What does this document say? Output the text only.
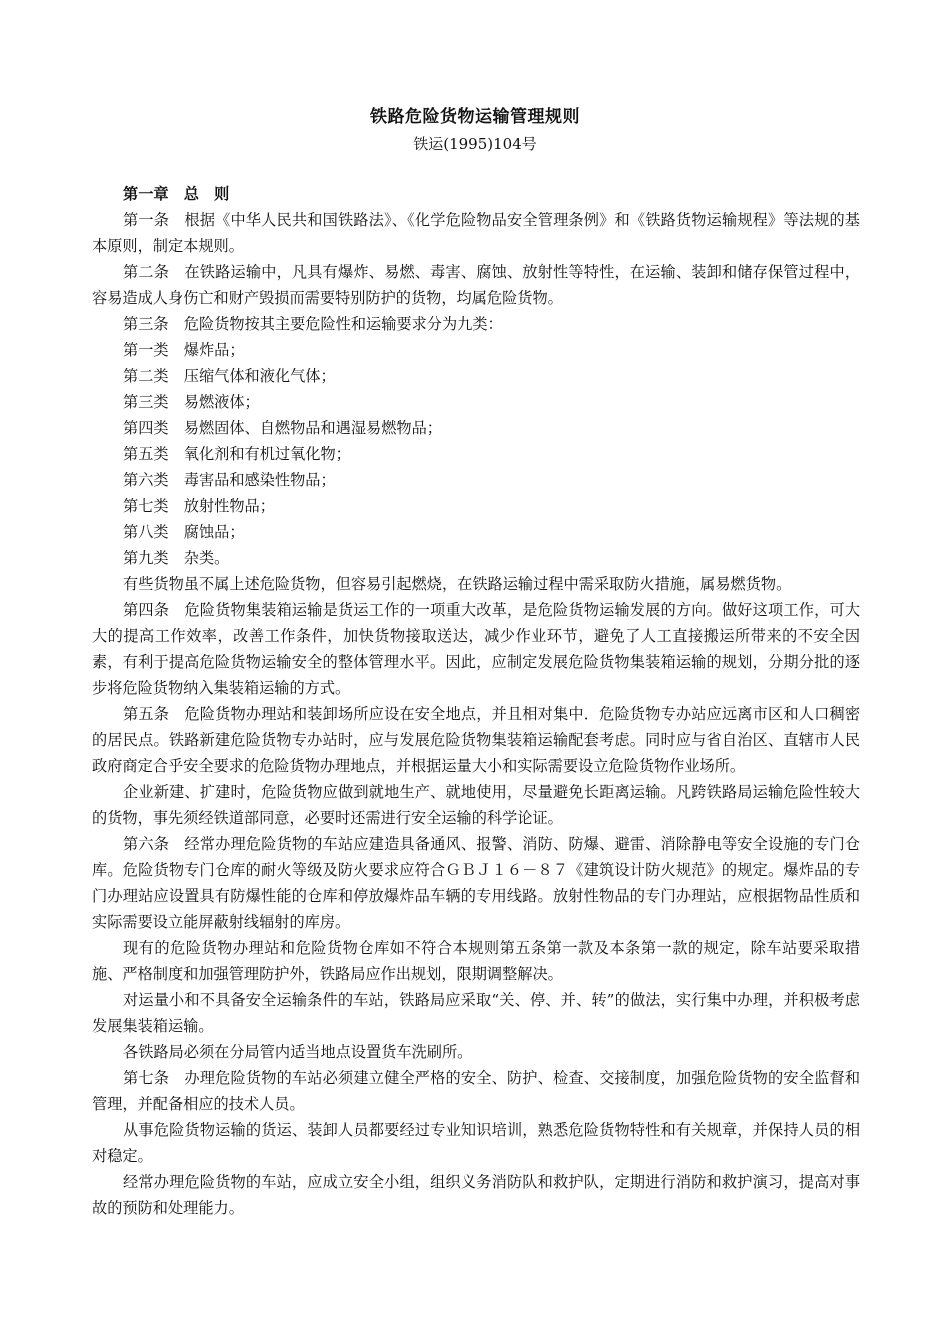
铁路危险货物运输管理规则
铁运(1995)104号

第一章　总　则

第一条　根据《中华人民共和国铁路法》、《化学危险物品安全管理条例》和《铁路货物运输规程》等法规的基本原则，制定本规则。

第二条　在铁路运输中，凡具有爆炸、易燃、毒害、腐蚀、放射性等特性，在运输、装卸和储存保管过程中，容易造成人身伤亡和财产毁损而需要特别防护的货物，均属危险货物。

第三条　危险货物按其主要危险性和运输要求分为九类：

第一类　爆炸品；

第二类　压缩气体和液化气体；

第三类　易燃液体；

第四类　易燃固体、自燃物品和遇湿易燃物品；

第五类　氧化剂和有机过氧化物；

第六类　毒害品和感染性物品；

第七类　放射性物品；

第八类　腐蚀品；

第九类　杂类。

有些货物虽不属上述危险货物，但容易引起燃烧，在铁路运输过程中需采取防火措施，属易燃货物。

第四条　危险货物集装箱运输是货运工作的一项重大改革，是危险货物运输发展的方向。做好这项工作，可大大的提高工作效率，改善工作条件，加快货物接取送达，减少作业环节，避免了人工直接搬运所带来的不安全因素，有利于提高危险货物运输安全的整体管理水平。因此，应制定发展危险货物集装箱运输的规划，分期分批的逐步将危险货物纳入集装箱运输的方式。

第五条　危险货物办理站和装卸场所应设在安全地点，并且相对集中．危险货物专办站应远离市区和人口稠密的居民点。铁路新建危险货物专办站时，应与发展危险货物集装箱运输配套考虑。同时应与省自治区、直辖市人民政府商定合乎安全要求的危险货物办理地点，并根据运量大小和实际需要设立危险货物作业场所。

企业新建、扩建时，危险货物应做到就地生产、就地使用，尽量避免长距离运输。凡跨铁路局运输危险性较大的货物，事先须经铁道部同意，必要时还需进行安全运输的科学论证。

第六条　经常办理危险货物的车站应建造具备通风、报警、消防、防爆、避雷、消除静电等安全设施的专门仓库。危险货物专门仓库的耐火等级及防火要求应符合ＧＢＪ１６－８７《建筑设计防火规范》的规定。爆炸品的专门办理站应设置具有防爆性能的仓库和停放爆炸品车辆的专用线路。放射性物品的专门办理站，应根据物品性质和实际需要设立能屏蔽射线辐射的库房。

现有的危险货物办理站和危险货物仓库如不符合本规则第五条第一款及本条第一款的规定，除车站要采取措施、严格制度和加强管理防护外，铁路局应作出规划，限期调整解决。

对运量小和不具备安全运输条件的车站，铁路局应采取“关、停、并、转”的做法，实行集中办理，并积极考虑发展集装箱运输。

各铁路局必须在分局管内适当地点设置货车洗刷所。

第七条　办理危险货物的车站必须建立健全严格的安全、防护、检查、交接制度，加强危险货物的安全监督和管理，并配备相应的技术人员。

从事危险货物运输的货运、装卸人员都要经过专业知识培训，熟悉危险货物特性和有关规章，并保持人员的相对稳定。

经常办理危险货物的车站，应成立安全小组，组织义务消防队和救护队，定期进行消防和救护演习，提高对事故的预防和处理能力。
